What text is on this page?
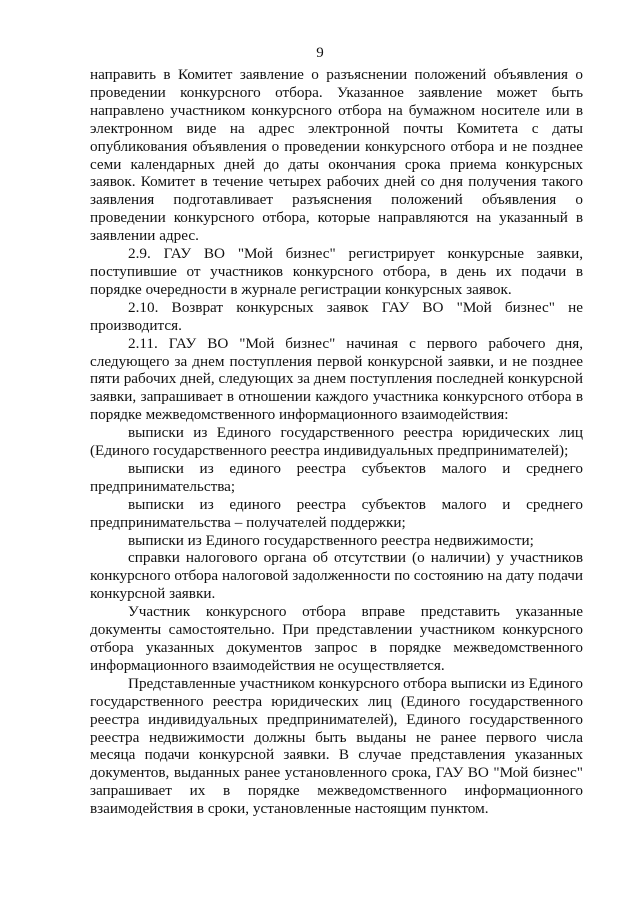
9

направить в Комитет заявление о разъяснении положений объявления о проведении конкурсного отбора. Указанное заявление может быть направлено участником конкурсного отбора на бумажном носителе или в электронном виде на адрес электронной почты Комитета с даты опубликования объявления о проведении конкурсного отбора и не позднее семи календарных дней до даты окончания срока приема конкурсных заявок. Комитет в течение четырех рабочих дней со дня получения такого заявления подготавливает разъяснения положений объявления о проведении конкурсного отбора, которые направляются на указанный в заявлении адрес.

2.9. ГАУ ВО "Мой бизнес" регистрирует конкурсные заявки, поступившие от участников конкурсного отбора, в день их подачи в порядке очередности в журнале регистрации конкурсных заявок.

2.10. Возврат конкурсных заявок ГАУ ВО "Мой бизнес" не производится.

2.11. ГАУ ВО "Мой бизнес" начиная с первого рабочего дня, следующего за днем поступления первой конкурсной заявки, и не позднее пяти рабочих дней, следующих за днем поступления последней конкурсной заявки, запрашивает в отношении каждого участника конкурсного отбора в порядке межведомственного информационного взаимодействия:

выписки из Единого государственного реестра юридических лиц (Единого государственного реестра индивидуальных предпринимателей);

выписки из единого реестра субъектов малого и среднего предпринимательства;

выписки из единого реестра субъектов малого и среднего предпринимательства – получателей поддержки;

выписки из Единого государственного реестра недвижимости;

справки налогового органа об отсутствии (о наличии) у участников конкурсного отбора налоговой задолженности по состоянию на дату подачи конкурсной заявки.

Участник конкурсного отбора вправе представить указанные документы самостоятельно. При представлении участником конкурсного отбора указанных документов запрос в порядке межведомственного информационного взаимодействия не осуществляется.

Представленные участником конкурсного отбора выписки из Единого государственного реестра юридических лиц (Единого государственного реестра индивидуальных предпринимателей), Единого государственного реестра недвижимости должны быть выданы не ранее первого числа месяца подачи конкурсной заявки. В случае представления указанных документов, выданных ранее установленного срока, ГАУ ВО "Мой бизнес" запрашивает их в порядке межведомственного информационного взаимодействия в сроки, установленные настоящим пунктом.
